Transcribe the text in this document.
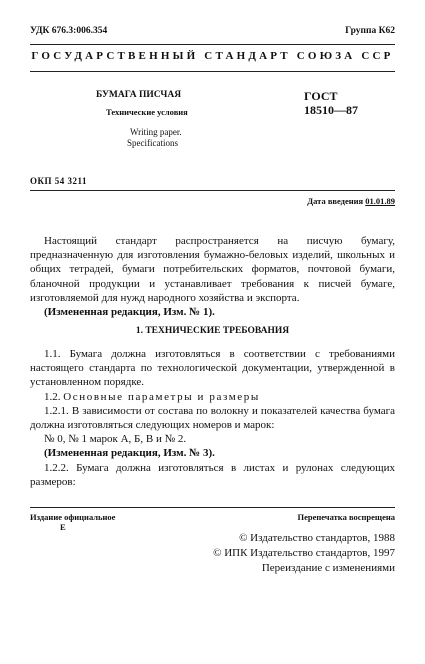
УДК 676.3:006.354	Группа К62
ГОСУДАРСТВЕННЫЙ СТАНДАРТ СОЮЗА ССР
БУМАГА ПИСЧАЯ
Технические условия
Writing paper.
Specifications
ГОСТ
18510—87
ОКП 54 3211
Дата введения 01.01.89

Настоящий стандарт распространяется на писчую бумагу, предназначенную для изготовления бумажно-беловых изделий, школьных и общих тетрадей, бумаги потребительских форматов, почтовой бумаги, бланочной продукции и устанавливает требования к писчей бумаге, изготовляемой для нужд народного хозяйства и экспорта.

(Измененная редакция, Изм. № 1).

1. ТЕХНИЧЕСКИЕ ТРЕБОВАНИЯ

1.1. Бумага должна изготовляться в соответствии с требованиями настоящего стандарта по технологической документации, утвержденной в установленном порядке.

1.2. Основные параметры и размеры

1.2.1. В зависимости от состава по волокну и показателей качества бумага должна изготовляться следующих номеров и марок:

№ 0, № 1 марок А, Б, В и № 2.

(Измененная редакция, Изм. № 3).

1.2.2. Бумага должна изготовляться в листах и рулонах следующих размеров:

Издание официальное
Е
Перепечатка воспрещена
© Издательство стандартов, 1988
© ИПК Издательство стандартов, 1997
Переиздание с изменениями
